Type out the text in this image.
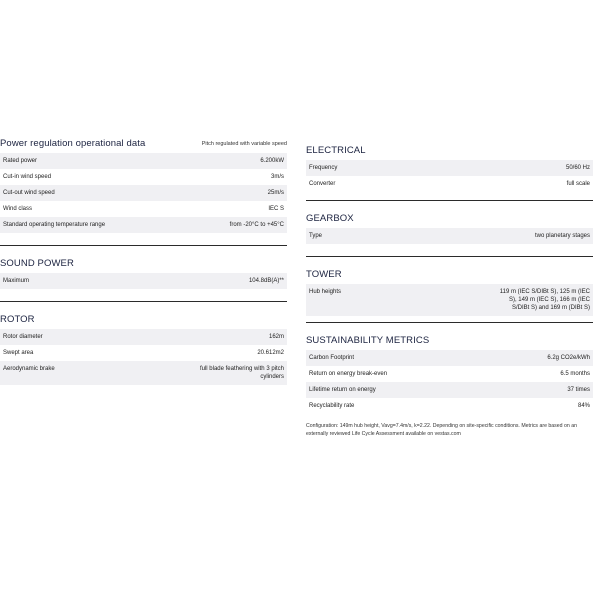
Power regulation operational data	Pitch regulated with variable speed
Rated power	6.200kW
Cut-in wind speed	3m/s
Cut-out wind speed	25m/s
Wind class	IEC S
Standard operating temperature range	from -20°C to +45°C
SOUND POWER
Maximum	104.8dB(A)**
ROTOR
Rotor diameter	162m
Swept area	20.612m2
Aerodynamic brake	full blade feathering with 3 pitch cylinders
ELECTRICAL
Frequency	50/60 Hz
Converter	full scale
GEARBOX
Type	two planetary stages
TOWER
Hub heights	119 m (IEC S/DIBt S), 125 m (IEC S), 149 m (IEC S), 166 m (IEC S/DIBt S) and 169 m (DIBt S)
SUSTAINABILITY METRICS
Carbon Footprint	6.2g CO2e/kWh
Return on energy break-even	6.5 months
Lifetime return on energy	37 times
Recyclability rate	84%
Configuration: 149m hub height, Vavg=7.4m/s, k=2.22. Depending on site-specific conditions. Metrics are based on an externally reviewed Life Cycle Assessment available on vestas.com
